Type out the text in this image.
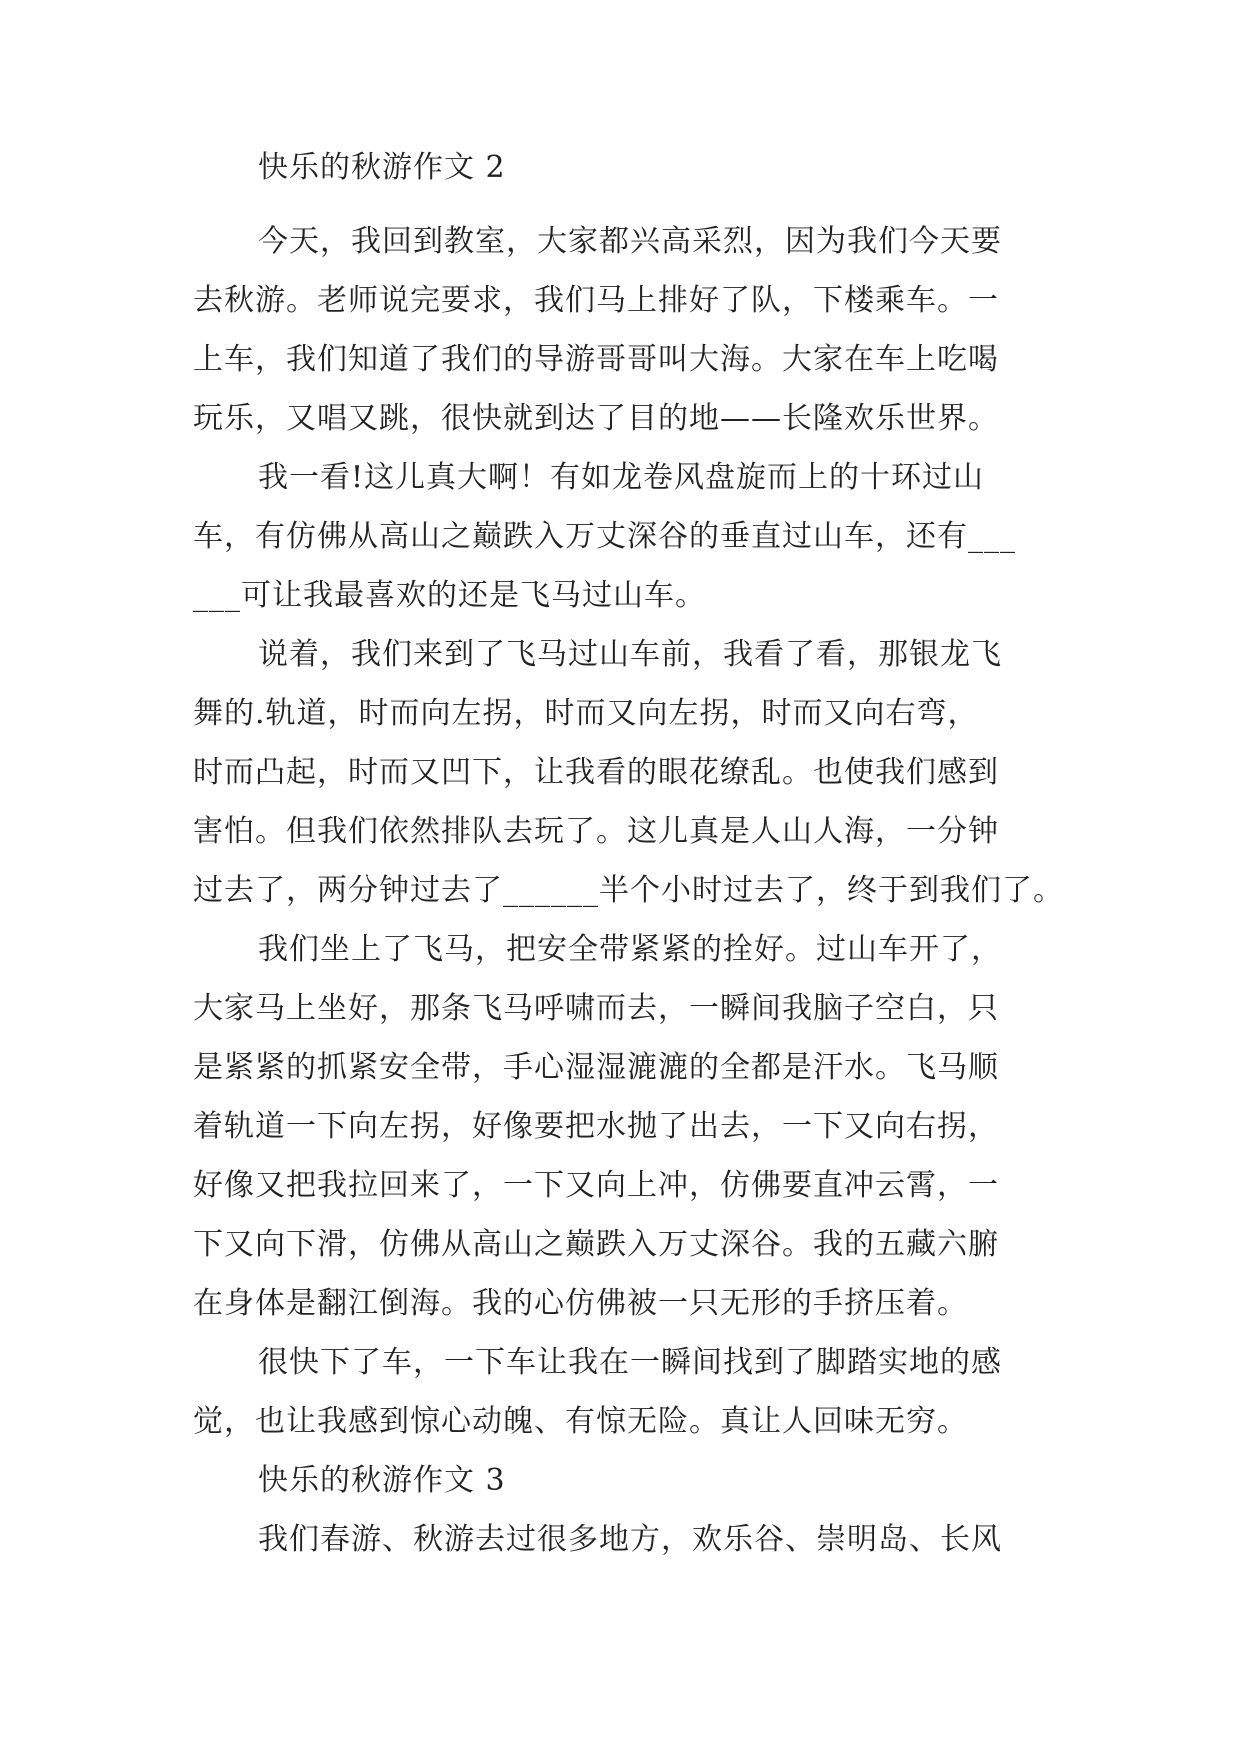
快乐的秋游作文 2
今天，我回到教室，大家都兴高采烈，因为我们今天要
去秋游。老师说完要求，我们马上排好了队，下楼乘车。一
上车，我们知道了我们的导游哥哥叫大海。大家在车上吃喝
玩乐，又唱又跳，很快就到达了目的地——长隆欢乐世界。
我一看!这儿真大啊！有如龙卷风盘旋而上的十环过山
车，有仿佛从高山之巅跌入万丈深谷的垂直过山车，还有___
___可让我最喜欢的还是飞马过山车。
说着，我们来到了飞马过山车前，我看了看，那银龙飞
舞的.轨道，时而向左拐，时而又向左拐，时而又向右弯，
时而凸起，时而又凹下，让我看的眼花缭乱。也使我们感到
害怕。但我们依然排队去玩了。这儿真是人山人海，一分钟
过去了，两分钟过去了______半个小时过去了，终于到我们了。
我们坐上了飞马，把安全带紧紧的拴好。过山车开了，
大家马上坐好，那条飞马呼啸而去，一瞬间我脑子空白，只
是紧紧的抓紧安全带，手心湿湿漉漉的全都是汗水。飞马顺
着轨道一下向左拐，好像要把水抛了出去，一下又向右拐，
好像又把我拉回来了，一下又向上冲，仿佛要直冲云霄，一
下又向下滑，仿佛从高山之巅跌入万丈深谷。我的五藏六腑
在身体是翻江倒海。我的心仿佛被一只无形的手挤压着。
很快下了车，一下车让我在一瞬间找到了脚踏实地的感
觉，也让我感到惊心动魄、有惊无险。真让人回味无穷。
快乐的秋游作文 3
我们春游、秋游去过很多地方，欢乐谷、崇明岛、长风
